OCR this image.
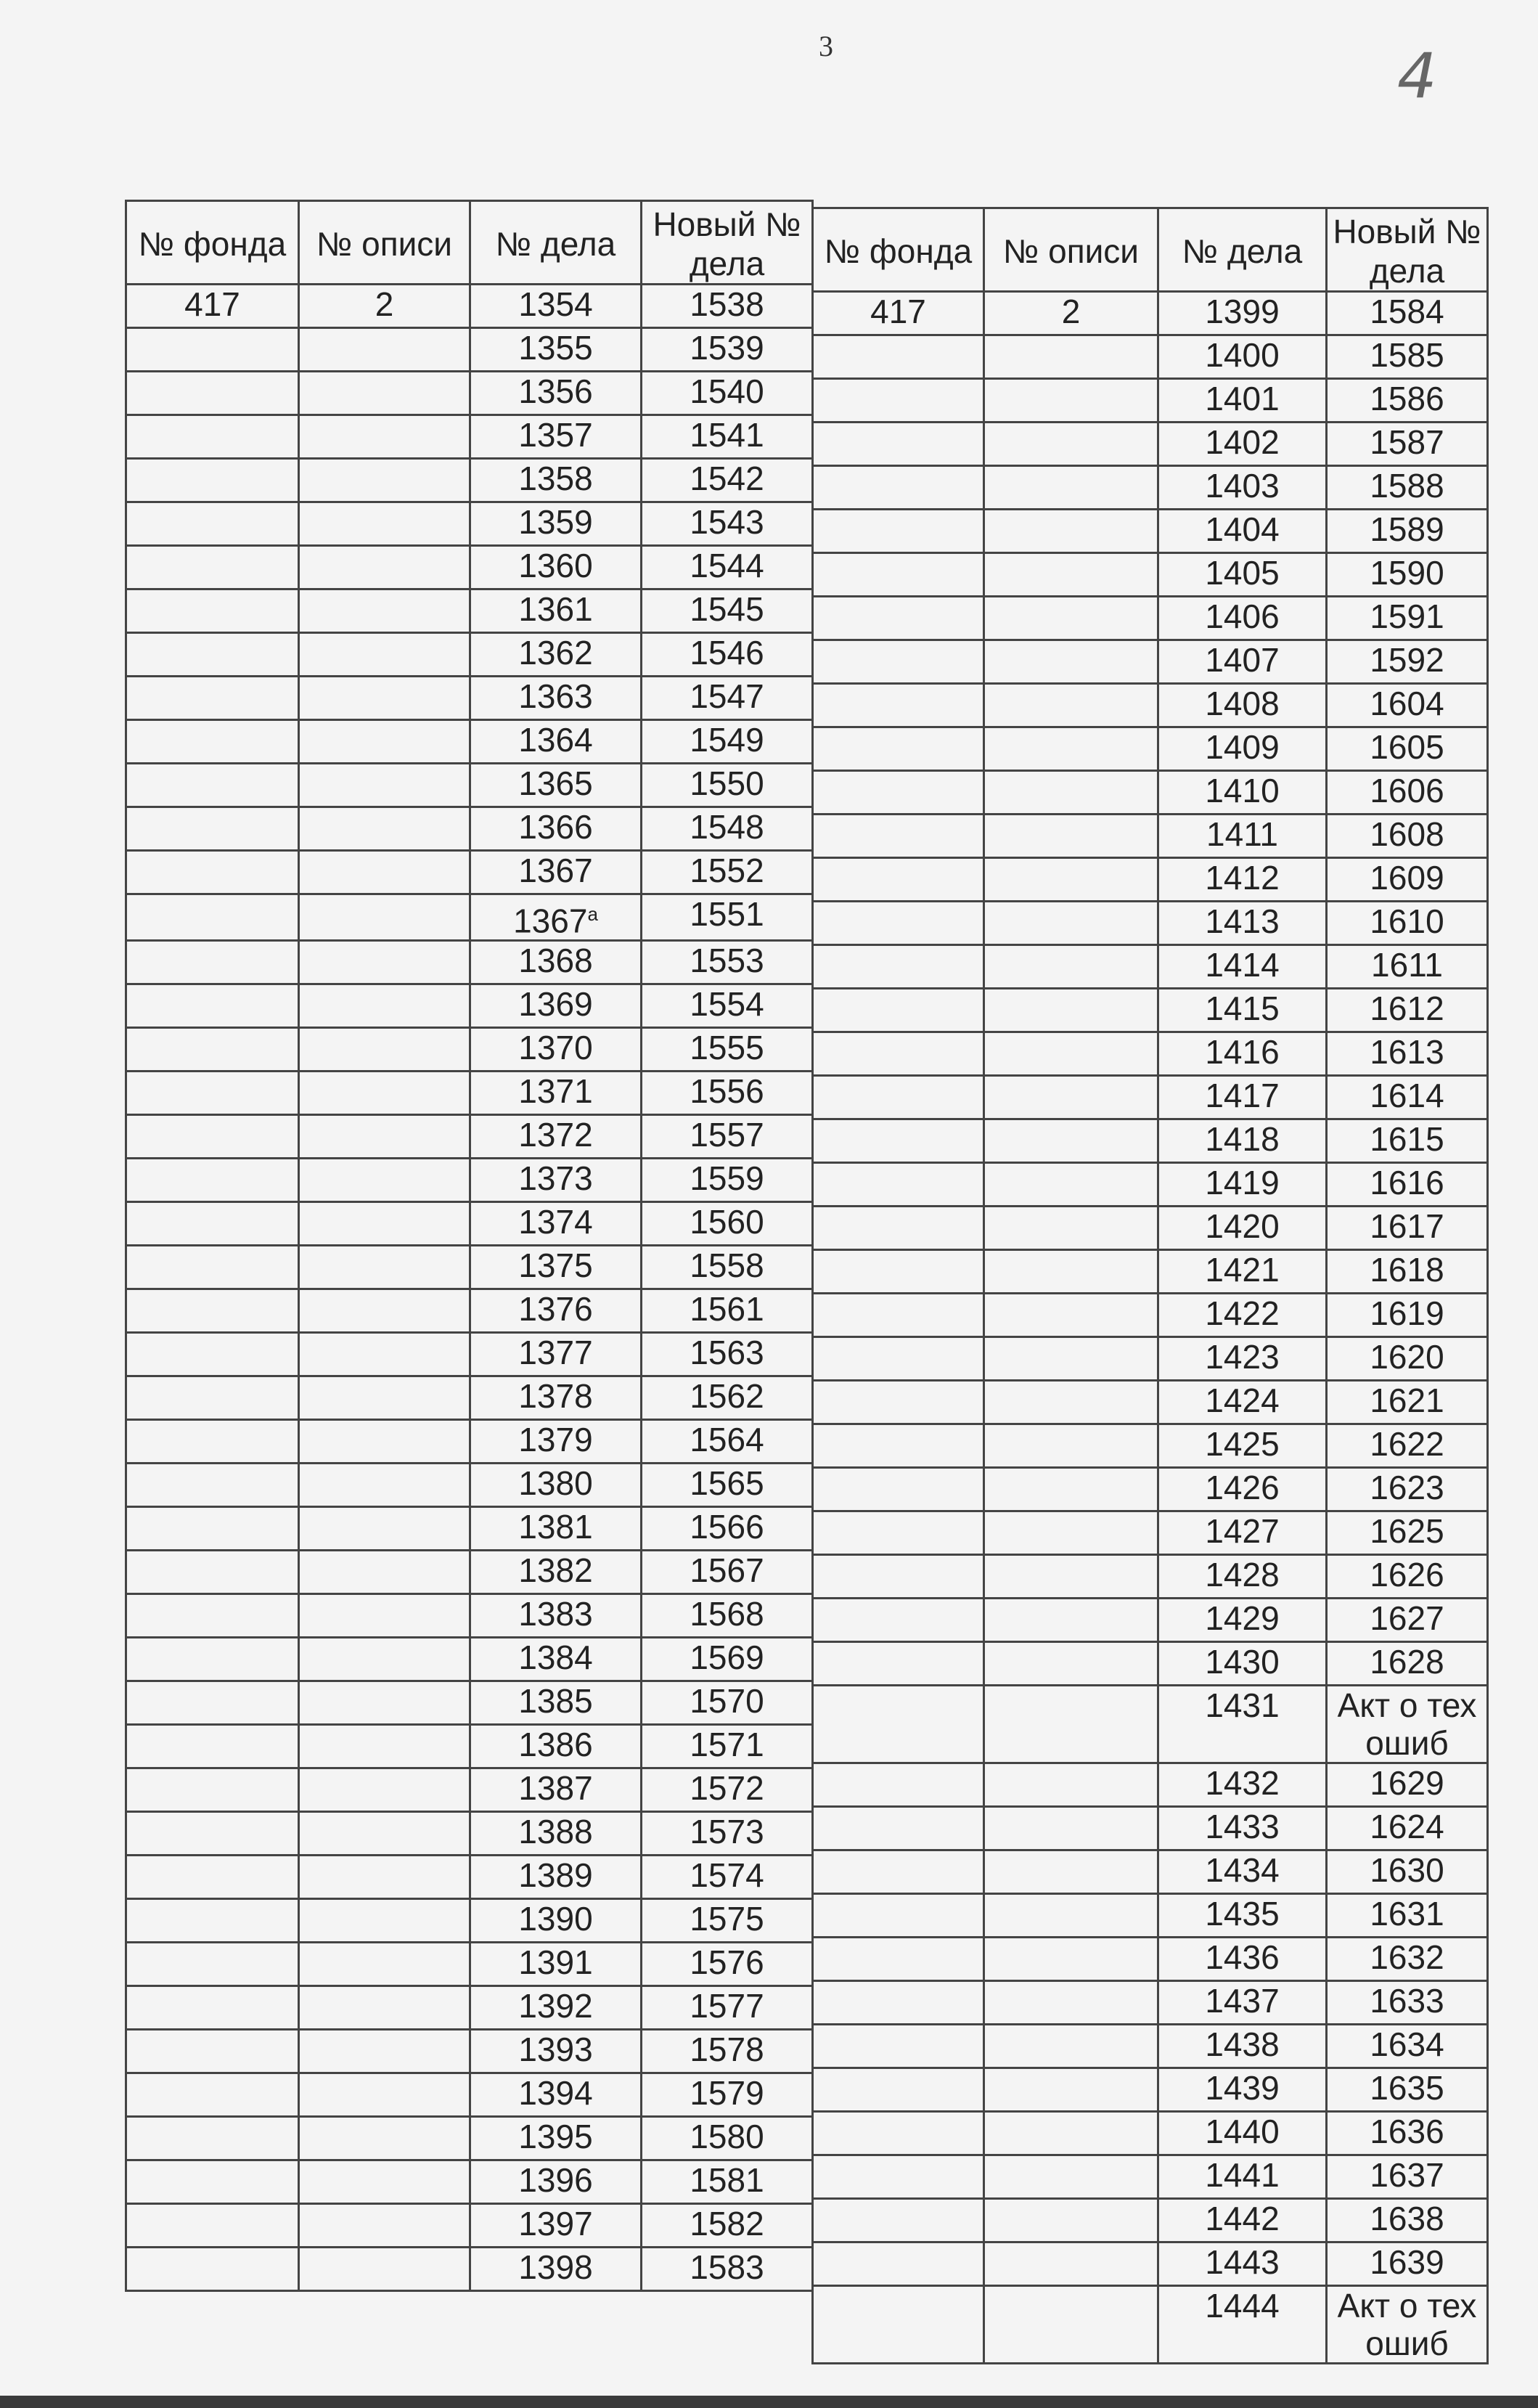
3	4
№ фонда	№ описи	№ дела	Новый № дела
417	2	1354	1538
		1355	1539
		1356	1540
		1357	1541
		1358	1542
		1359	1543
		1360	1544
		1361	1545
		1362	1546
		1363	1547
		1364	1549
		1365	1550
		1366	1548
		1367	1552
		$1367^а$	1551
		1368	1553
		1369	1554
		1370	1555
		1371	1556
		1372	1557
		1373	1559
		1374	1560
		1375	1558
		1376	1561
		1377	1563
		1378	1562
		1379	1564
		1380	1565
		1381	1566
		1382	1567
		1383	1568
		1384	1569
		1385	1570
		1386	1571
		1387	1572
		1388	1573
		1389	1574
		1390	1575
		1391	1576
		1392	1577
		1393	1578
		1394	1579
		1395	1580
		1396	1581
		1397	1582
		1398	1583
№ фонда	№ описи	№ дела	Новый № дела
417	2	1399	1584
		1400	1585
		1401	1586
		1402	1587
		1403	1588
		1404	1589
		1405	1590
		1406	1591
		1407	1592
		1408	1604
		1409	1605
		1410	1606
		1411	1608
		1412	1609
		1413	1610
		1414	1611
		1415	1612
		1416	1613
		1417	1614
		1418	1615
		1419	1616
		1420	1617
		1421	1618
		1422	1619
		1423	1620
		1424	1621
		1425	1622
		1426	1623
		1427	1625
		1428	1626
		1429	1627
		1430	1628
		1431	Акт о тех ошиб
		1432	1629
		1433	1624
		1434	1630
		1435	1631
		1436	1632
		1437	1633
		1438	1634
		1439	1635
		1440	1636
		1441	1637
		1442	1638
		1443	1639
		1444	Акт о тех ошиб
